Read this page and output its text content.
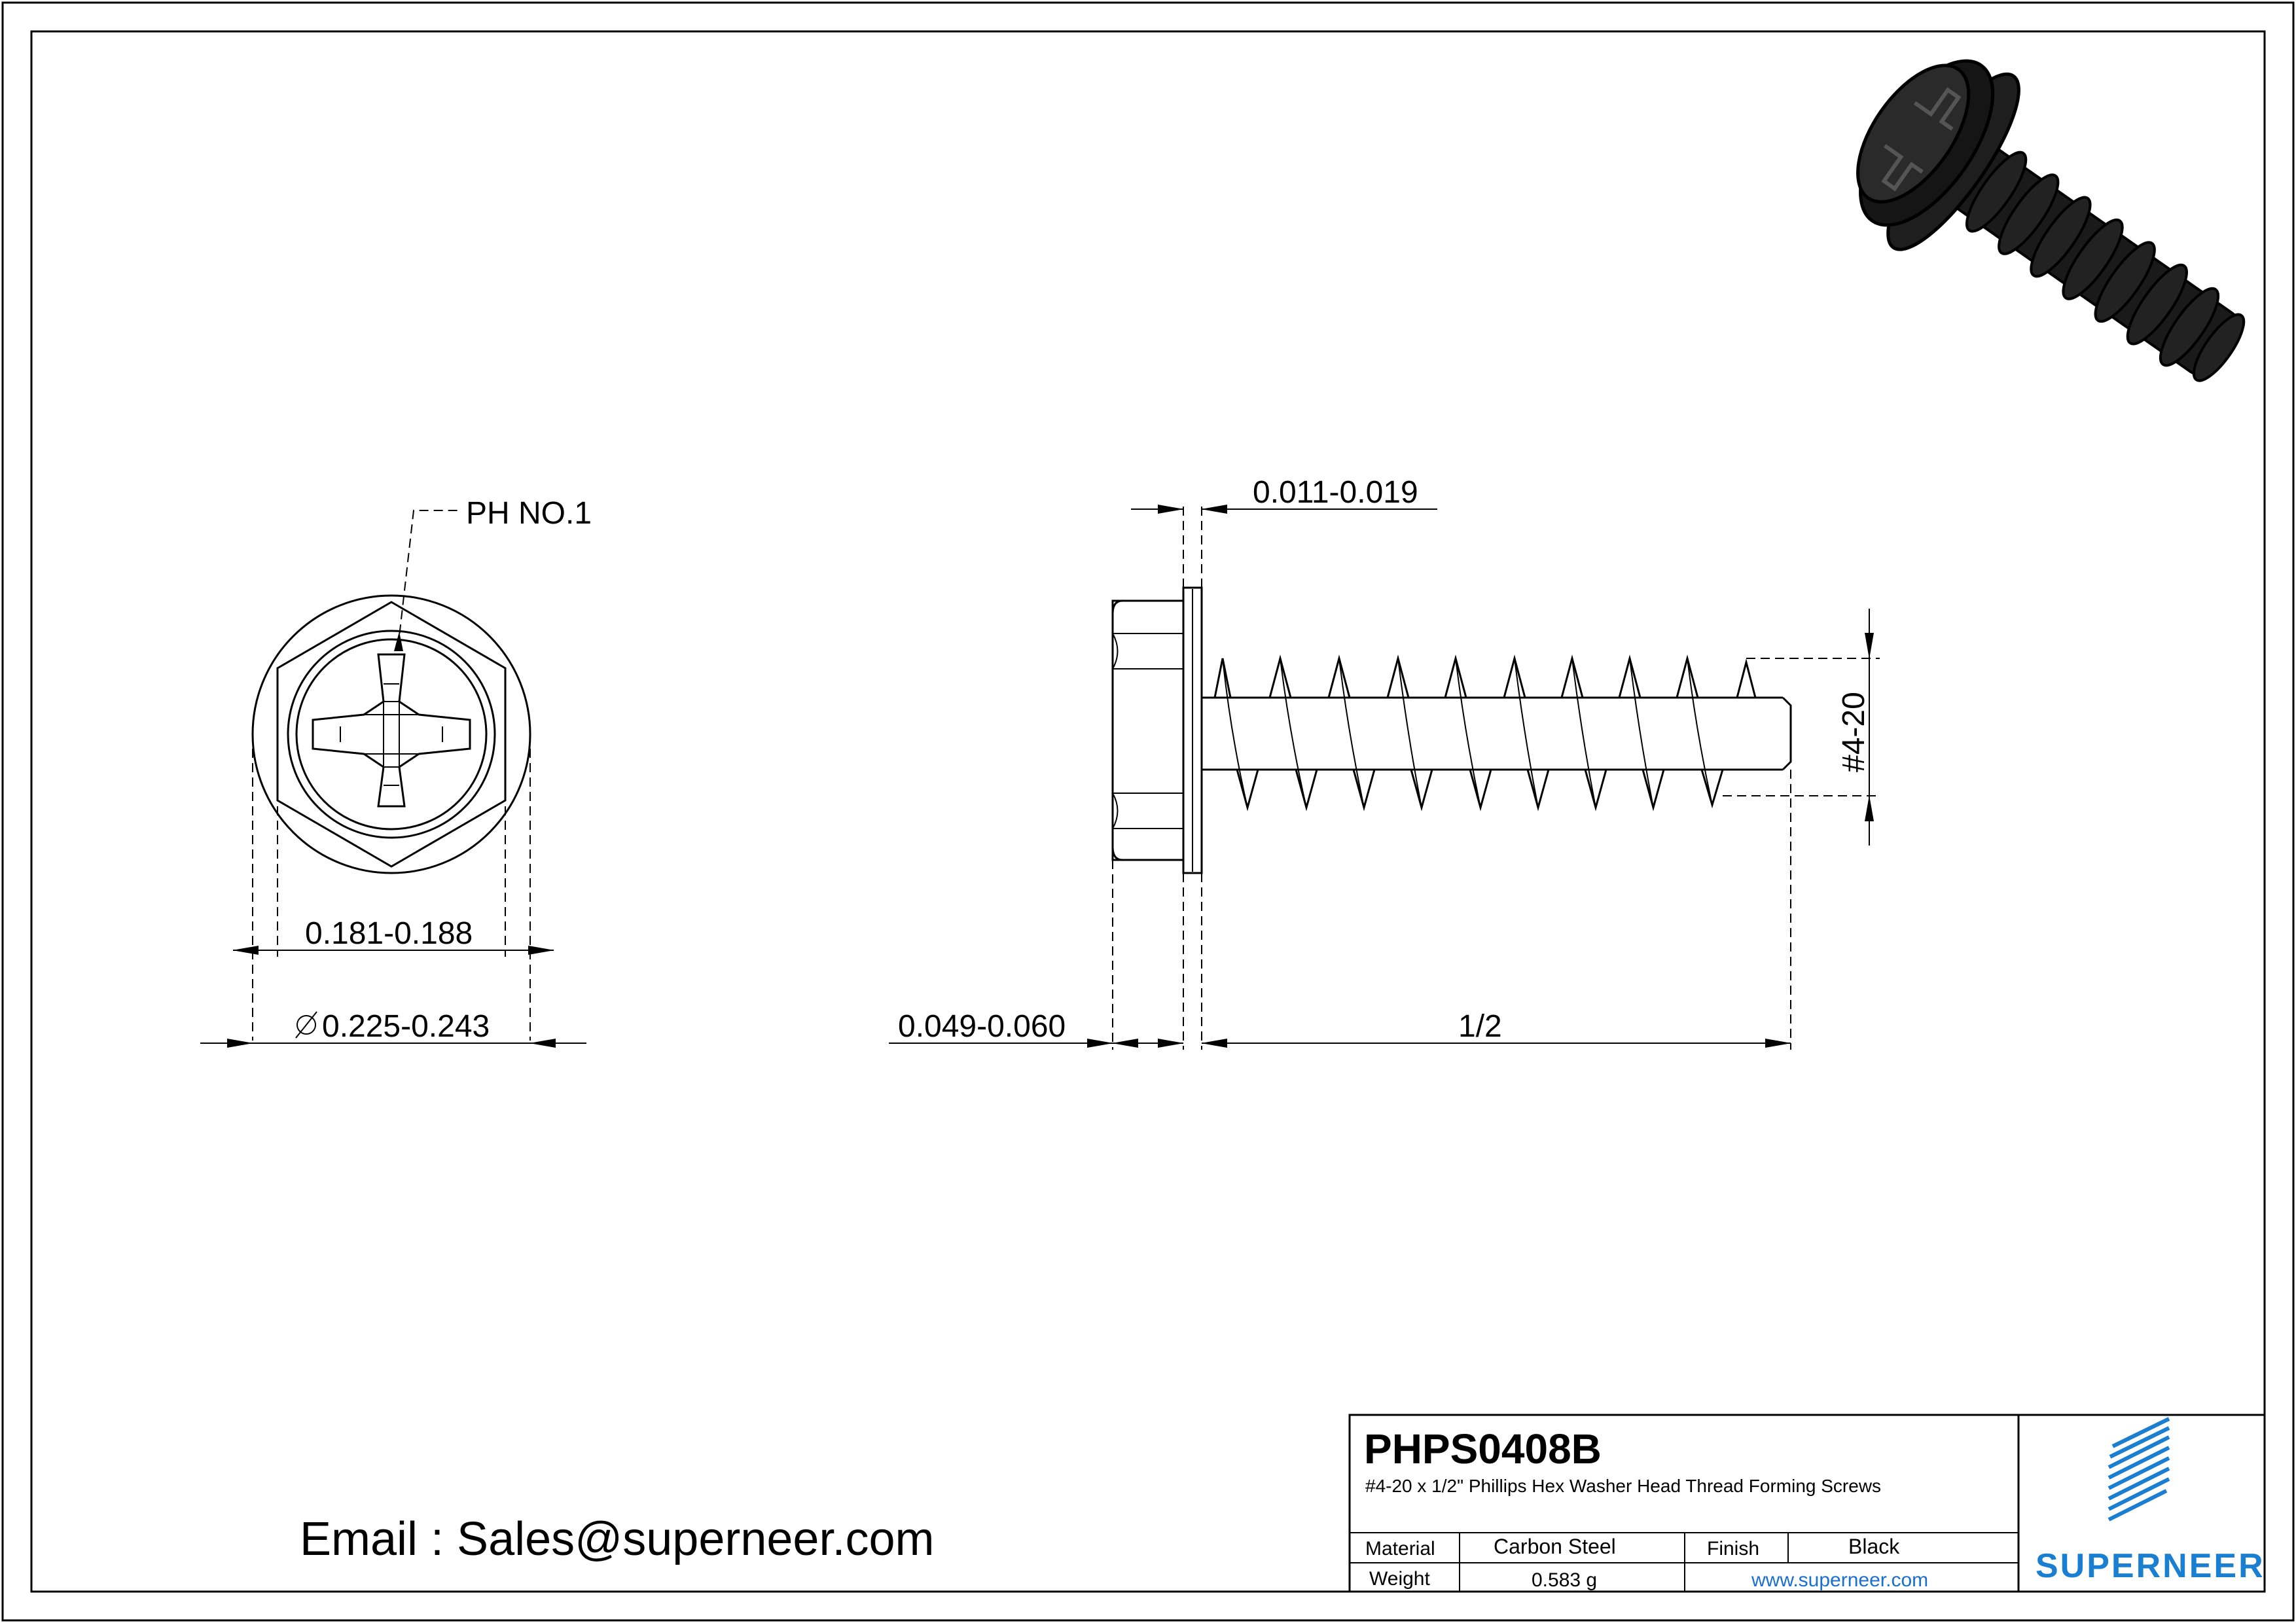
PH NO.1
0.181-0.188
0.225-0.243
0.011-0.019
#4-20
0.049-0.060	1/2
Email : Sales@superneer.com
PHPS0408B
#4-20 x 1/2" Phillips Hex Washer Head Thread Forming Screws
Material	Carbon Steel	Finish	Black
Weight	0.583 g	www.superneer.com	SUPERNEER
